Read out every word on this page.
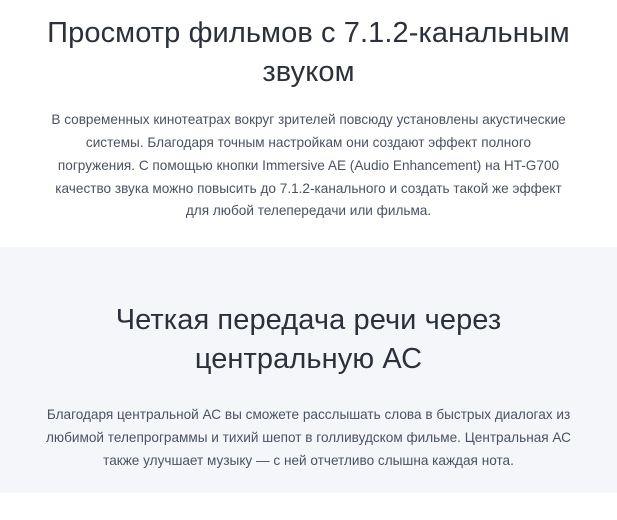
Просмотр фильмов с 7.1.2-канальным звуком

В современных кинотеатрах вокруг зрителей повсюду установлены акустические системы. Благодаря точным настройкам они создают эффект полного погружения. С помощью кнопки Immersive AE (Audio Enhancement) на HT-G700 качество звука можно повысить до 7.1.2-канального и создать такой же эффект для любой телепередачи или фильма.

Четкая передача речи через центральную АС

Благодаря центральной АС вы сможете расслышать слова в быстрых диалогах из любимой телепрограммы и тихий шепот в голливудском фильме. Центральная АС также улучшает музыку — с ней отчетливо слышна каждая нота.
